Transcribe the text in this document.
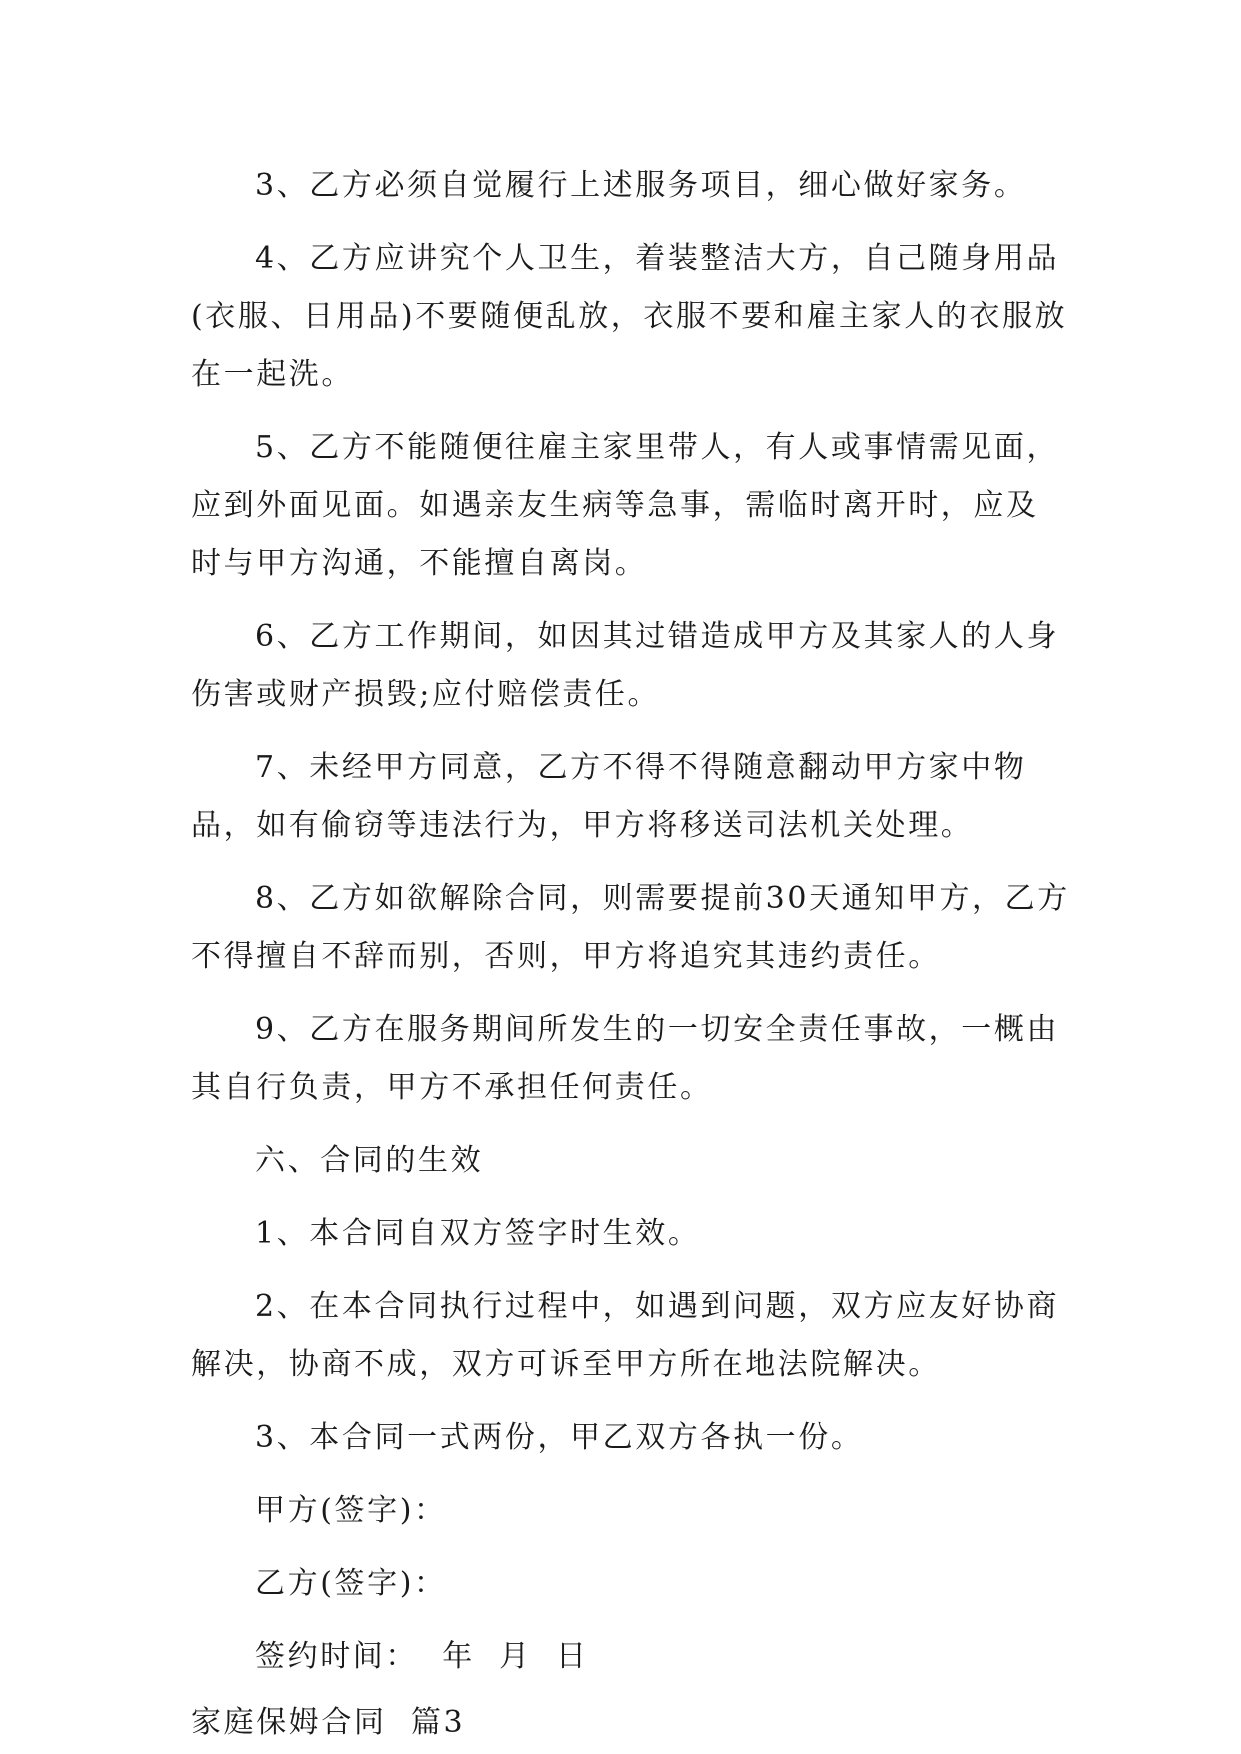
3、乙方必须自觉履行上述服务项目，细心做好家务。

4、乙方应讲究个人卫生，着装整洁大方，自己随身用品(衣服、日用品)不要随便乱放，衣服不要和雇主家人的衣服放在一起洗。

5、乙方不能随便往雇主家里带人，有人或事情需见面，应到外面见面。如遇亲友生病等急事，需临时离开时，应及时与甲方沟通，不能擅自离岗。

6、乙方工作期间，如因其过错造成甲方及其家人的人身伤害或财产损毁;应付赔偿责任。

7、未经甲方同意，乙方不得不得随意翻动甲方家中物品，如有偷窃等违法行为，甲方将移送司法机关处理。

8、乙方如欲解除合同，则需要提前30天通知甲方，乙方不得擅自不辞而别，否则，甲方将追究其违约责任。

9、乙方在服务期间所发生的一切安全责任事故，一概由其自行负责，甲方不承担任何责任。

六、合同的生效

1、本合同自双方签字时生效。

2、在本合同执行过程中，如遇到问题，双方应友好协商解决，协商不成，双方可诉至甲方所在地法院解决。

3、本合同一式两份，甲乙双方各执一份。

甲方(签字)：

乙方(签字)：

签约时间：  年  月  日

家庭保姆合同  篇3
